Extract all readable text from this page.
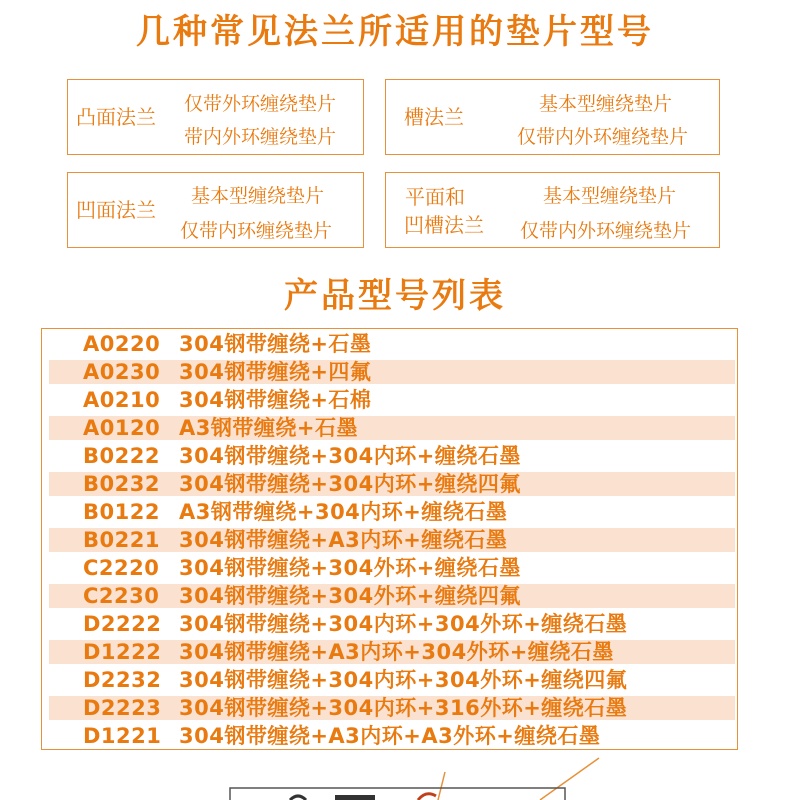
几种常见法兰所适用的垫片型号
凸面法兰
仅带外环缠绕垫片
带内外环缠绕垫片
槽法兰
基本型缠绕垫片
仅带内外环缠绕垫片
凹面法兰
基本型缠绕垫片
仅带内环缠绕垫片
平面和
凹槽法兰
基本型缠绕垫片
仅带内外环缠绕垫片
产品型号列表
A0220 304钢带缠绕+石墨
A0230 304钢带缠绕+四氟
A0210 304钢带缠绕+石棉
A0120 A3钢带缠绕+石墨
B0222 304钢带缠绕+304内环+缠绕石墨
B0232 304钢带缠绕+304内环+缠绕四氟
B0122 A3钢带缠绕+304内环+缠绕石墨
B0221 304钢带缠绕+A3内环+缠绕石墨
C2220 304钢带缠绕+304外环+缠绕石墨
C2230 304钢带缠绕+304外环+缠绕四氟
D2222 304钢带缠绕+304内环+304外环+缠绕石墨
D1222 304钢带缠绕+A3内环+304外环+缠绕石墨
D2232 304钢带缠绕+304内环+304外环+缠绕四氟
D2223 304钢带缠绕+304内环+316外环+缠绕石墨
D1221 304钢带缠绕+A3内环+A3外环+缠绕石墨
